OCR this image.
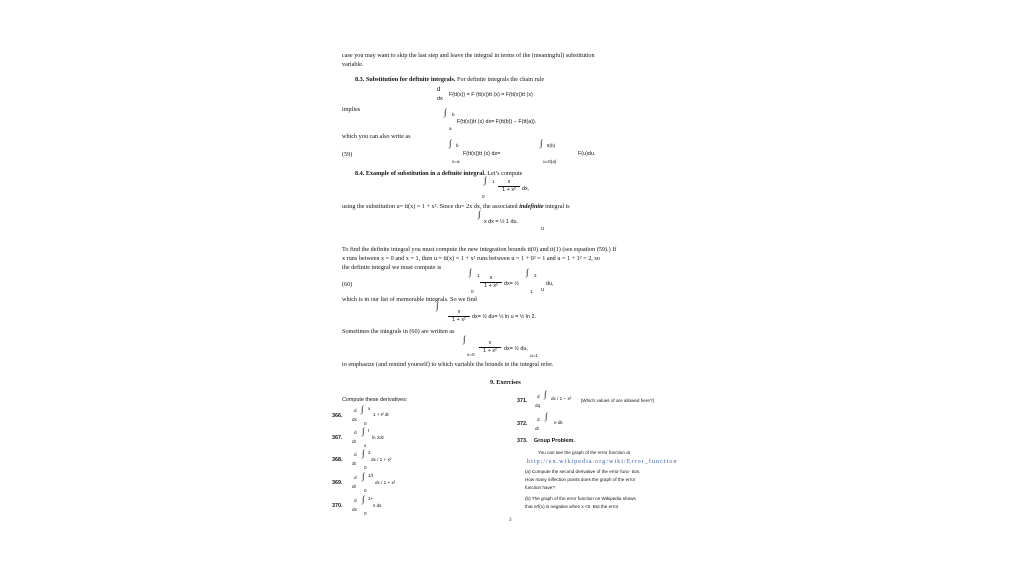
case you may want to skip the last step and leave the integral in terms of the (meaningful) substitution
variable.
8.3. Substitution for deftnite integrals. For definite integrals the chain rule
d
dx
F(tt(x)) = F (tt(x))tt (x) = F(tt(x))tt (x)
implies	∫ b
a
F(tt(x))tt (x) dx= F(tt(b)) − F(tt(a)).
which you can also write as
(59)
∫ b
x=a
F(tt(x))tt (x) dx=
∫ tt(b)
u=tt(a)
F(u)du.
8.4. Example of substitution in a deftnite integral. Let’s compute
∫ 1
0
$\frac{x}{\text{1 + x²}}$ dx,
using the substitution u= tt(x) = 1 + x². Since du= 2x dx, the associated indefinite integral is
∫
x dx = ½ 1 du.
u
To find the definite integral you must compute the new integration bounds tt(0) and tt(1) (see equation (59).) If
x runs between x = 0 and x = 1, then u = tt(x) = 1 + x² runs between u = 1 + 0² = 1 and u = 1 + 1² = 2, so
the definite integral we must compute is
(60)
∫ 1
0
$\frac{x}{\text{1 + x²}} dx=$ ½
∫ 2
1 u
du,
which is in our list of memorable integrals. So we find
∫
$\frac{x}{\text{1 + x²}} dx=$ ½ du= ½ ln u = ½ ln 2.
Sometimes the integrals in (60) are written as
∫
$x=0 \frac{x}{\text{1 + x²}} dx=$ ½ du,
u=1
to emphasize (and remind yourself) to which variable the bounds in the integral refer.
9. Exercises
Compute these derivatives:
366.
d
dx
∫ x
0
1 + t² dt
367.
d
dt
∫ t
x
ln zdz
368.
d
dt
∫ 2
0
dx / 1 + x²
369.
d
dt
∫ 1/t
0
dx / 1 + x²
370.
d
ds
∫ 1+
0
s ds
371.
d
dq
∫ dx / 1 − x² [Which values of are allowed here?]
372.
d
dt
∫
e dk
373. Group Problem.
You can see the graph of the error function at
http://en.wikipedia.org/wiki/Error_function
(a) Compute the second derivative of the error func- tion.
How many inflection points does the graph of the error
function have?
(b) The graph of the error function on Wikipedia shows
that erf(x) is negative when x <0. But the error
3
